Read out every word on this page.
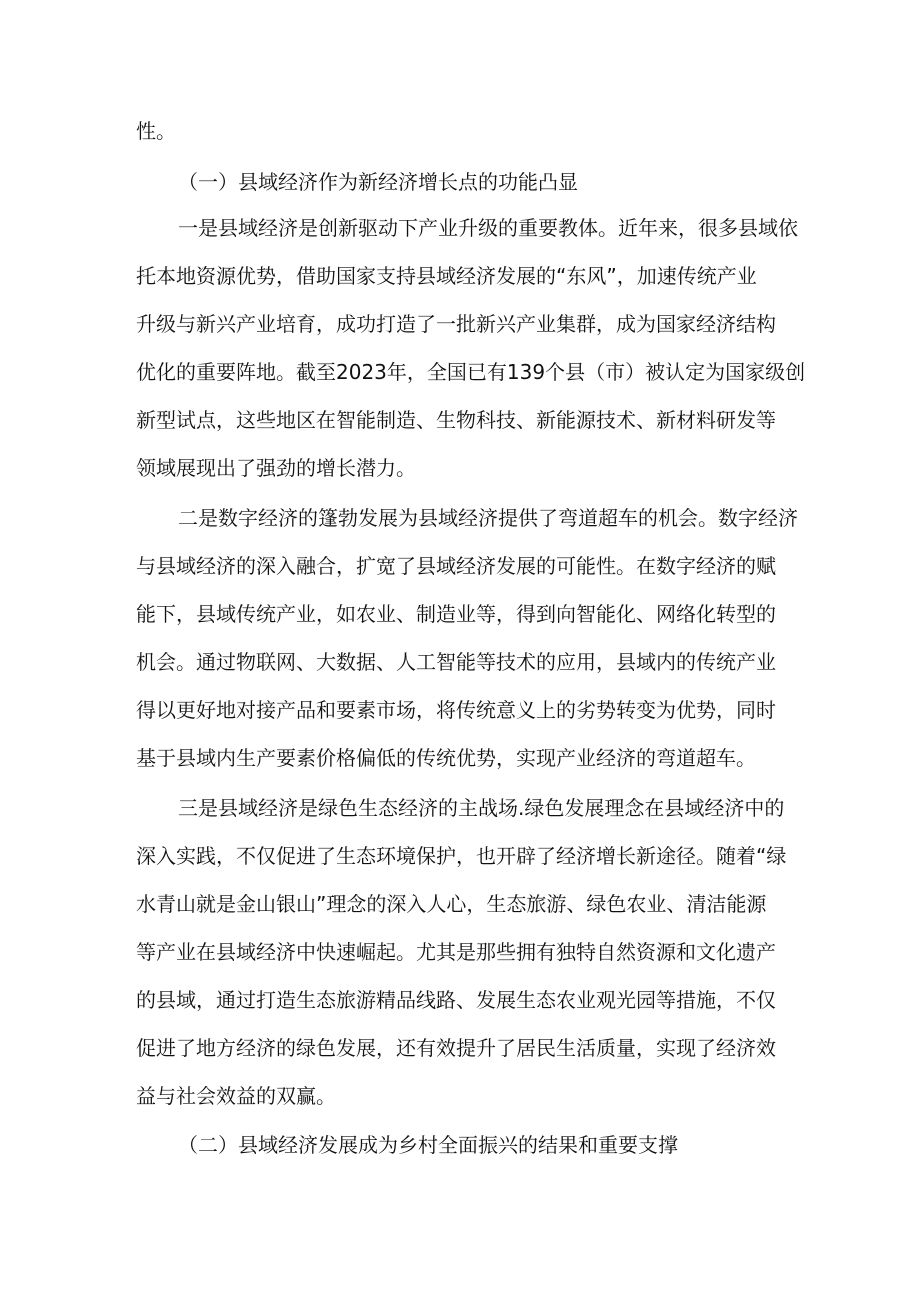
性。

（一）县域经济作为新经济增长点的功能凸显

一是县域经济是创新驱动下产业升级的重要教体。近年来，很多县域依

托本地资源优势，借助国家支持县域经济发展的“东风”，加速传统产业

升级与新兴产业培育，成功打造了一批新兴产业集群，成为国家经济结构

优化的重要阵地。截至2023年，全国已有139个县（市）被认定为国家级创

新型试点，这些地区在智能制造、生物科技、新能源技术、新材料研发等

领域展现出了强劲的增长潜力。

二是数字经济的篷勃发展为县域经济提供了弯道超车的机会。数字经济

与县域经济的深入融合，扩宽了县域经济发展的可能性。在数字经济的赋

能下，县域传统产业，如农业、制造业等，得到向智能化、网络化转型的

机会。通过物联网、大数据、人工智能等技术的应用，县域内的传统产业

得以更好地对接产品和要素市场，将传统意义上的劣势转变为优势，同时

基于县域内生产要素价格偏低的传统优势，实现产业经济的弯道超车。

三是县域经济是绿色生态经济的主战场.绿色发展理念在县域经济中的

深入实践，不仅促进了生态环境保护，也开辟了经济增长新途径。随着“绿

水青山就是金山银山”理念的深入人心，生态旅游、绿色农业、清洁能源

等产业在县域经济中快速崛起。尤其是那些拥有独特自然资源和文化遗产

的县域，通过打造生态旅游精品线路、发展生态农业观光园等措施，不仅

促进了地方经济的绿色发展，还有效提升了居民生活质量，实现了经济效

益与社会效益的双赢。

（二）县域经济发展成为乡村全面振兴的结果和重要支撑
